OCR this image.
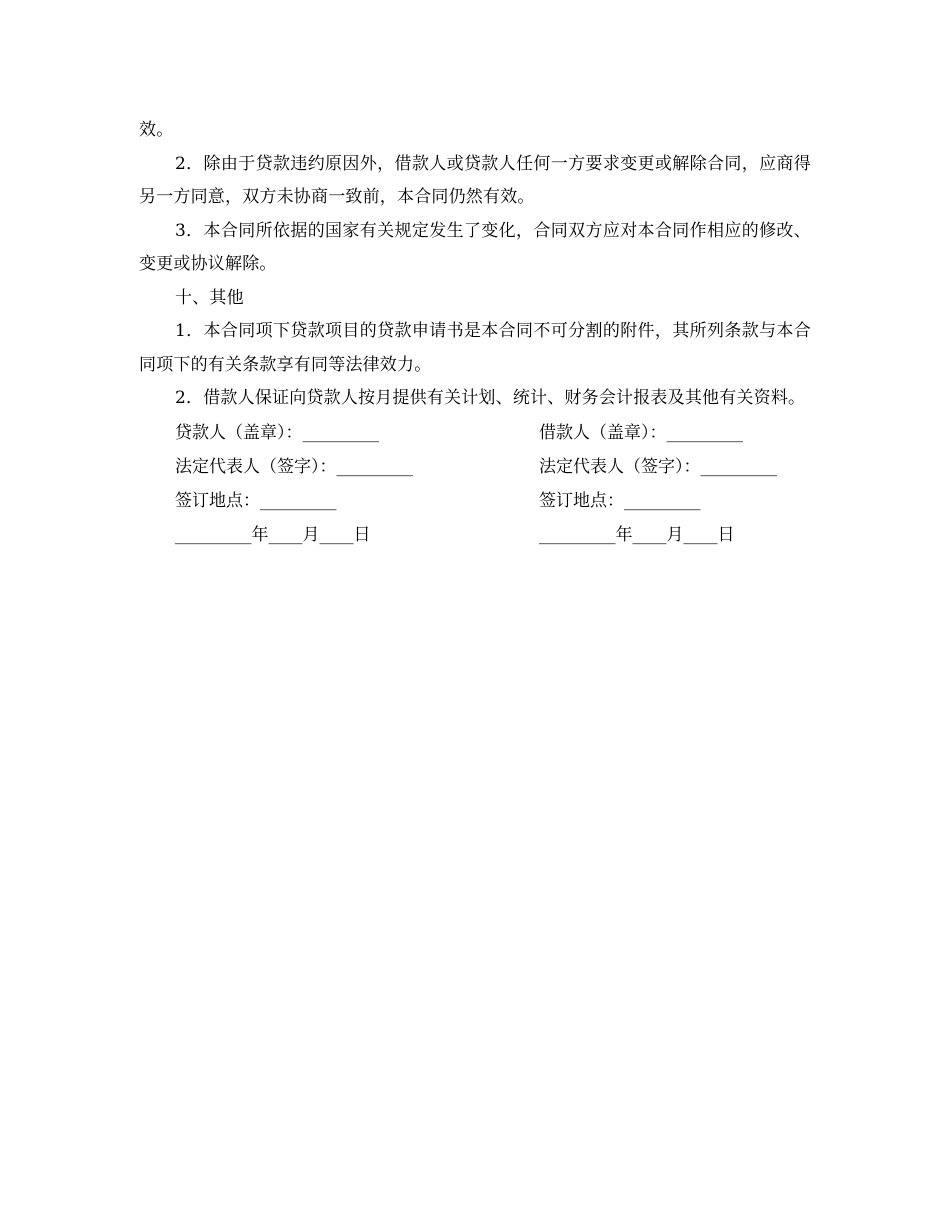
效。

2．除由于贷款违约原因外，借款人或贷款人任何一方要求变更或解除合同，应商得另一方同意，双方未协商一致前，本合同仍然有效。

3．本合同所依据的国家有关规定发生了变化，合同双方应对本合同作相应的修改、变更或协议解除。

十、其他

1．本合同项下贷款项目的贷款申请书是本合同不可分割的附件，其所列条款与本合同项下的有关条款享有同等法律效力。

2．借款人保证向贷款人按月提供有关计划、统计、财务会计报表及其他有关资料。

贷款人（盖章）：_________	借款人（盖章）：_________
法定代表人（签字）：_________	法定代表人（签字）：_________
签订地点：_________	签订地点：_________
_________年____月____日	_________年____月____日
